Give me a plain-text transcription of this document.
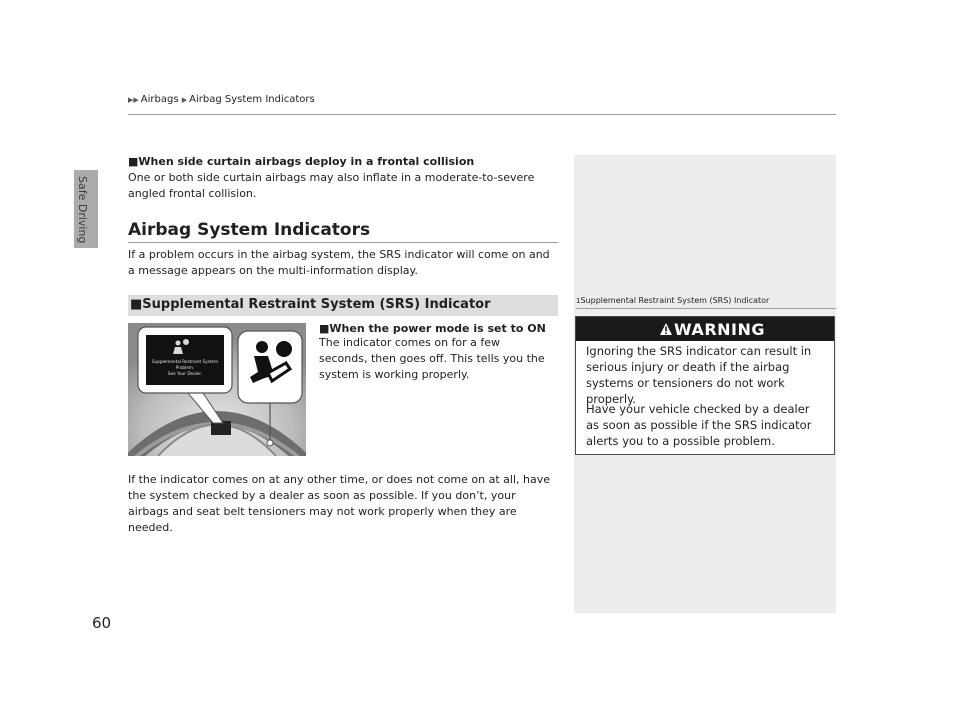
Safe Driving
▶▶ Airbags ▶ Airbag System Indicators
■When side curtain airbags deploy in a frontal collision
One or both side curtain airbags may also inflate in a moderate-to-severe angled frontal collision.
Airbag System Indicators
If a problem occurs in the airbag system, the SRS indicator will come on and a message appears on the multi-information display.
■Supplemental Restraint System (SRS) Indicator
Supplemental Restraint System
Problem.
See Your Dealer.
■When the power mode is set to ON
The indicator comes on for a few seconds, then goes off. This tells you the system is working properly.
If the indicator comes on at any other time, or does not come on at all, have the system checked by a dealer as soon as possible. If you don’t, your airbags and seat belt tensioners may not work properly when they are needed.
1Supplemental Restraint System (SRS) Indicator
WARNING
Ignoring the SRS indicator can result in serious injury or death if the airbag systems or tensioners do not work properly.
Have your vehicle checked by a dealer as soon as possible if the SRS indicator alerts you to a possible problem.
60
